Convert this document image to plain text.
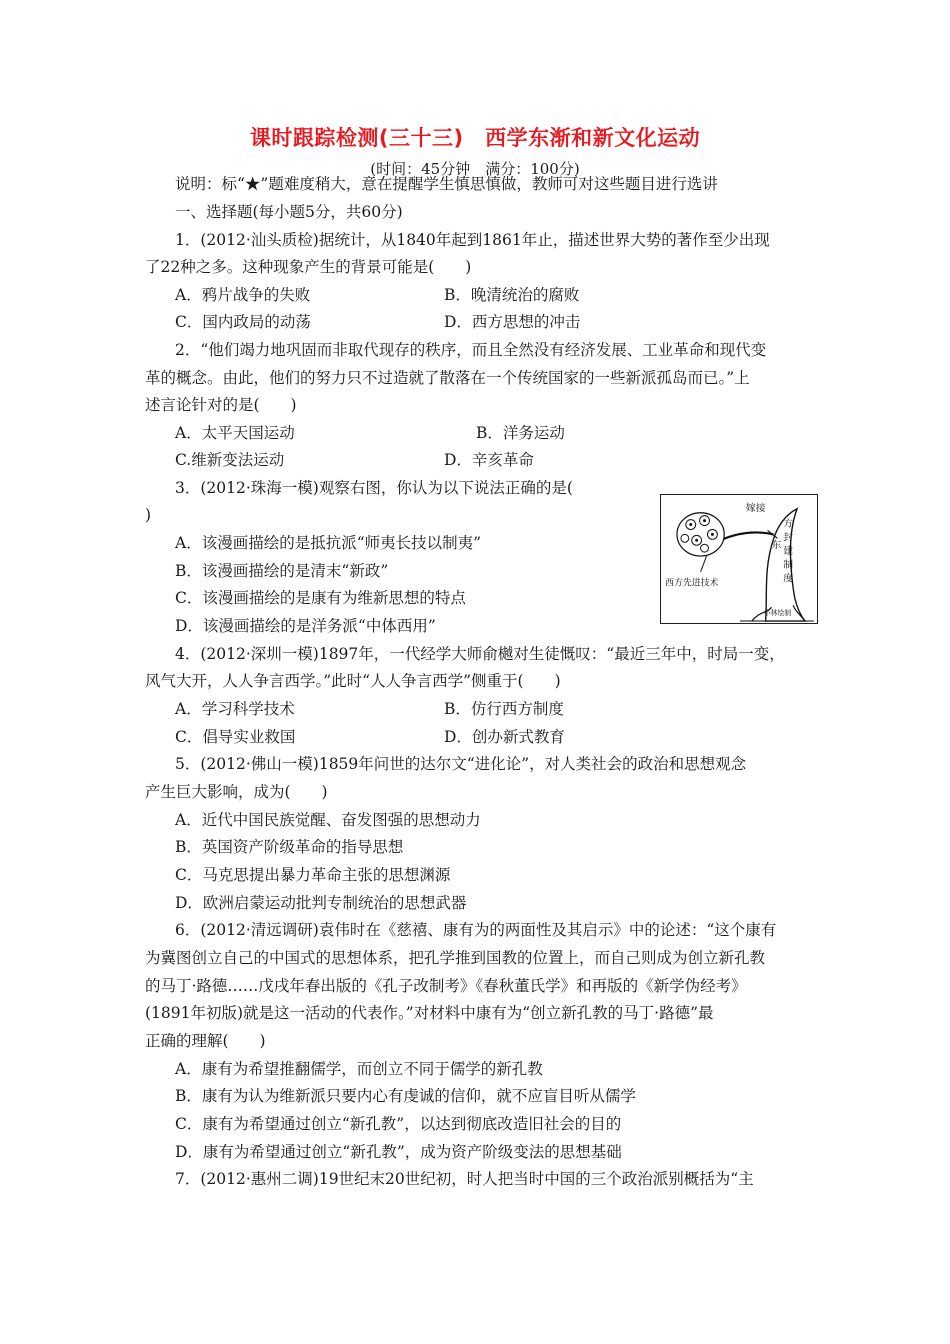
课时跟踪检测(三十三)　西学东渐和新文化运动
(时间：45分钟　满分：100分)
说明：标“★”题难度稍大，意在提醒学生慎思慎做，教师可对这些题目进行选讲
一、选择题(每小题5分，共60分)
1．(2012·汕头质检)据统计，从1840年起到1861年止，描述世界大势的著作至少出现
了22种之多。这种现象产生的背景可能是(　　)
A．鸦片战争的失败	B．晚清统治的腐败
C．国内政局的动荡	D．西方思想的冲击
2．“他们竭力地巩固而非取代现存的秩序，而且全然没有经济发展、工业革命和现代变
革的概念。由此，他们的努力只不过造就了散落在一个传统国家的一些新派孤岛而已。”上
述言论针对的是(　　)
A．太平天国运动	B．洋务运动
C.维新变法运动	D．辛亥革命
3．(2012·珠海一模)观察右图，你认为以下说法正确的是(
)
A．该漫画描绘的是抵抗派“师夷长技以制夷”
B．该漫画描绘的是清末“新政”
C．该漫画描绘的是康有为维新思想的特点
D．该漫画描绘的是洋务派“中体西用”
4．(2012·深圳一模)1897年，一代经学大师俞樾对生徒慨叹：“最近三年中，时局一变，
风气大开，人人争言西学。”此时“人人争言西学”侧重于(　　)
A．学习科学技术	B．仿行西方制度
C．倡导实业救国	D．创办新式教育
5．(2012·佛山一模)1859年问世的达尔文“进化论”，对人类社会的政治和思想观念
产生巨大影响，成为(　　)
A．近代中国民族觉醒、奋发图强的思想动力
B．英国资产阶级革命的指导思想
C．马克思提出暴力革命主张的思想渊源
D．欧洲启蒙运动批判专制统治的思想武器
6．(2012·清远调研)袁伟时在《慈禧、康有为的两面性及其启示》中的论述：“这个康有
为冀图创立自己的中国式的思想体系，把孔学推到国教的位置上，而自己则成为创立新孔教
的马丁·路德……戊戌年春出版的《孔子改制考》《春秋董氏学》和再版的《新学伪经考》
(1891年初版)就是这一活动的代表作。”对材料中康有为“创立新孔教的马丁·路德”最
正确的理解(　　)
A．康有为希望推翻儒学，而创立不同于儒学的新孔教
B．康有为认为维新派只要内心有虔诚的信仰，就不应盲目听从儒学
C．康有为希望通过创立“新孔教”，以达到彻底改造旧社会的目的
D．康有为希望通过创立“新孔教”，成为资产阶级变法的思想基础
7．(2012·惠州二调)19世纪末20世纪初，时人把当时中国的三个政治派别概括为“主
嫁接
东方封建制度
西方先进技术
小林绘制
